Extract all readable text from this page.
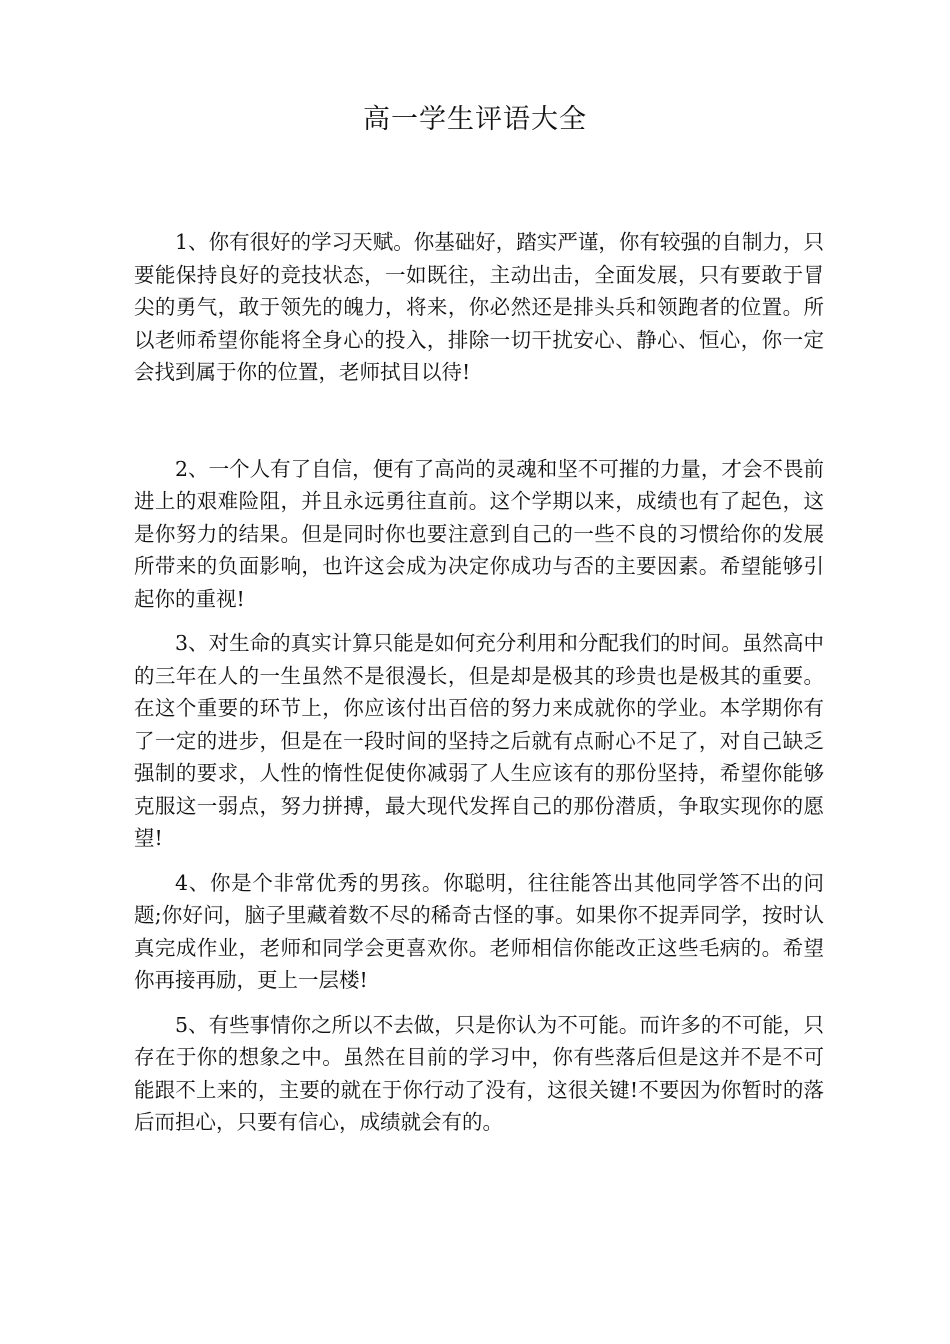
高一学生评语大全

1、你有很好的学习天赋。你基础好，踏实严谨，你有较强的自制力，只要能保持良好的竞技状态，一如既往，主动出击，全面发展，只有要敢于冒尖的勇气，敢于领先的魄力，将来，你必然还是排头兵和领跑者的位置。所以老师希望你能将全身心的投入，排除一切干扰安心、静心、恒心，你一定会找到属于你的位置，老师拭目以待!

2、一个人有了自信，便有了高尚的灵魂和坚不可摧的力量，才会不畏前进上的艰难险阻，并且永远勇往直前。这个学期以来，成绩也有了起色，这是你努力的结果。但是同时你也要注意到自己的一些不良的习惯给你的发展所带来的负面影响，也许这会成为决定你成功与否的主要因素。希望能够引起你的重视!

3、对生命的真实计算只能是如何充分利用和分配我们的时间。虽然高中的三年在人的一生虽然不是很漫长，但是却是极其的珍贵也是极其的重要。在这个重要的环节上，你应该付出百倍的努力来成就你的学业。本学期你有了一定的进步，但是在一段时间的坚持之后就有点耐心不足了，对自己缺乏强制的要求，人性的惰性促使你减弱了人生应该有的那份坚持，希望你能够克服这一弱点，努力拼搏，最大现代发挥自己的那份潜质，争取实现你的愿望!

4、你是个非常优秀的男孩。你聪明，往往能答出其他同学答不出的问题;你好问，脑子里藏着数不尽的稀奇古怪的事。如果你不捉弄同学，按时认真完成作业，老师和同学会更喜欢你。老师相信你能改正这些毛病的。希望你再接再励，更上一层楼!

5、有些事情你之所以不去做，只是你认为不可能。而许多的不可能，只存在于你的想象之中。虽然在目前的学习中，你有些落后但是这并不是不可能跟不上来的，主要的就在于你行动了没有，这很关键!不要因为你暂时的落后而担心，只要有信心，成绩就会有的。
